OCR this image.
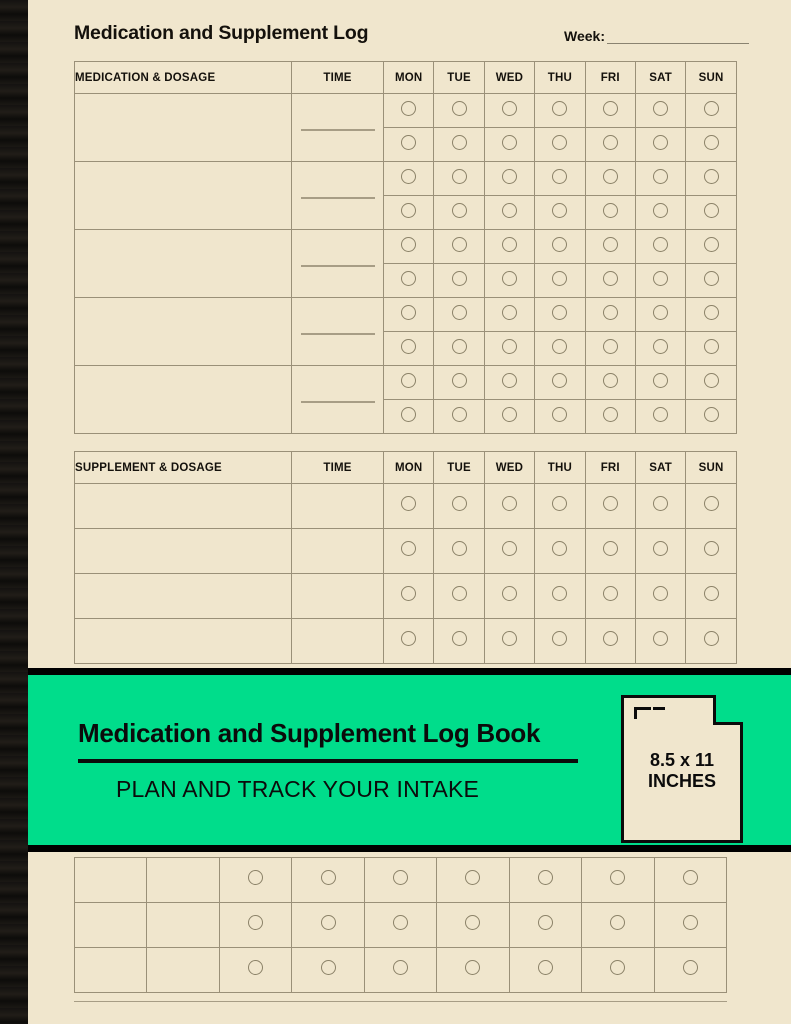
Medication and Supplement Log	Week:
MEDICATION & DOSAGE	TIME	MON	TUE	WED	THU	FRI	SAT	SUN

SUPPLEMENT & DOSAGE	TIME	MON	TUE	WED	THU	FRI	SAT	SUN

Medication and Supplement Log Book
PLAN AND TRACK YOUR INTAKE
8.5 x 11
INCHES
